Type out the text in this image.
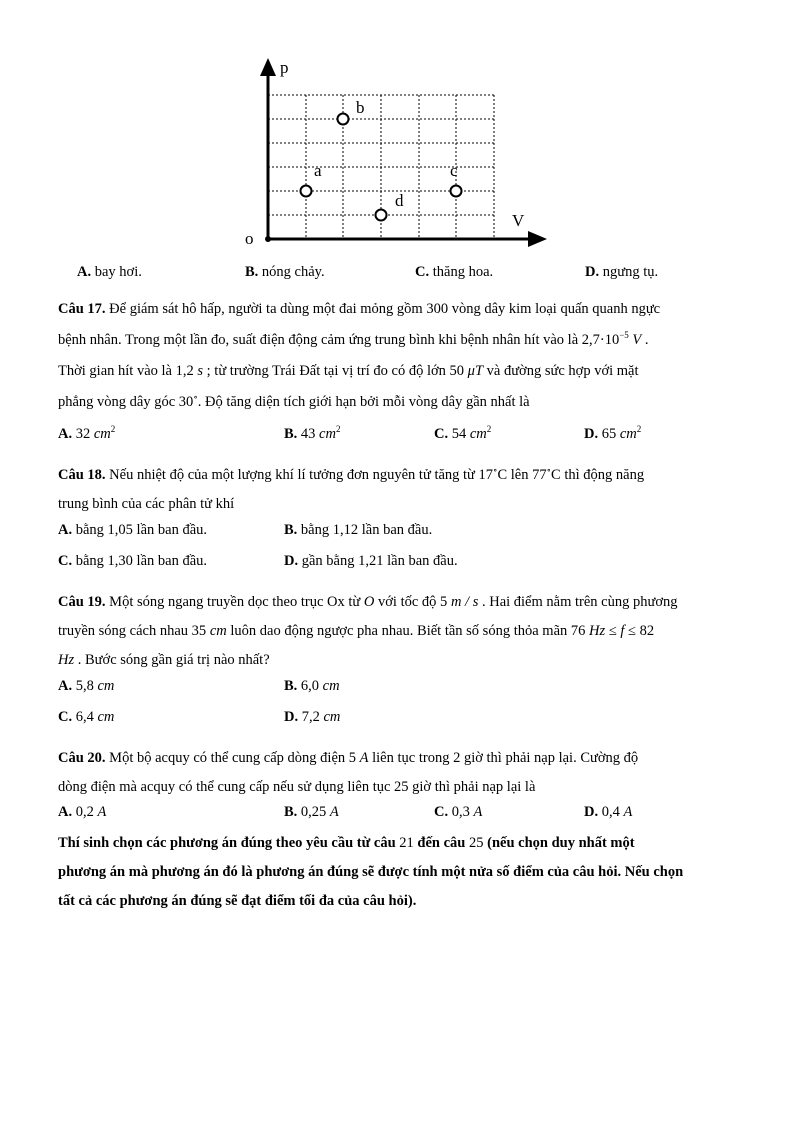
p
V
o
a
b
c
d
A. bay hơi.	B. nóng chảy.	C. thăng hoa.	D. ngưng tụ.
Câu 17. Để giám sát hô hấp, người ta dùng một đai mỏng gồm 300 vòng dây kim loại quấn quanh ngực
bệnh nhân. Trong một lần đo, suất điện động cảm ứng trung bình khi bệnh nhân hít vào là $2,7\cdot 10^{-5}$ V .
Thời gian hít vào là 1,2 s ; từ trường Trái Đất tại vị trí đo có độ lớn 50 μT và đường sức hợp với mặt
phẳng vòng dây góc 30∘. Độ tăng diện tích giới hạn bởi mỗi vòng dây gần nhất là
A. 32 $cm^2$	B. 43 $cm^2$	C. 54 $cm^2$	D. 65 $cm^2$
Câu 18. Nếu nhiệt độ của một lượng khí lí tưởng đơn nguyên tử tăng từ 17∘C lên 77∘C thì động năng
trung bình của các phân tử khí
A. bằng 1,05 lần ban đầu.	B. bằng 1,12 lần ban đầu.
C. bằng 1,30 lần ban đầu.	D. gần bằng 1,21 lần ban đầu.
Câu 19. Một sóng ngang truyền dọc theo trục Ox từ O với tốc độ 5 m / s . Hai điểm nằm trên cùng phương
truyền sóng cách nhau 35 cm luôn dao động ngược pha nhau. Biết tần số sóng thỏa mãn 76 Hz ≤ f ≤ 82
Hz . Bước sóng gần giá trị nào nhất?
A. 5,8 cm	B. 6,0 cm
C. 6,4 cm	D. 7,2 cm
Câu 20. Một bộ acquy có thể cung cấp dòng điện 5 A liên tục trong 2 giờ thì phải nạp lại. Cường độ
dòng điện mà acquy có thể cung cấp nếu sử dụng liên tục 25 giờ thì phải nạp lại là
A. 0,2 A	B. 0,25 A	C. 0,3 A	D. 0,4 A
Thí sinh chọn các phương án đúng theo yêu cầu từ câu 21 đến câu 25 (nếu chọn duy nhất một
phương án mà phương án đó là phương án đúng sẽ được tính một nửa số điểm của câu hỏi. Nếu chọn
tất cả các phương án đúng sẽ đạt điểm tối đa của câu hỏi).
